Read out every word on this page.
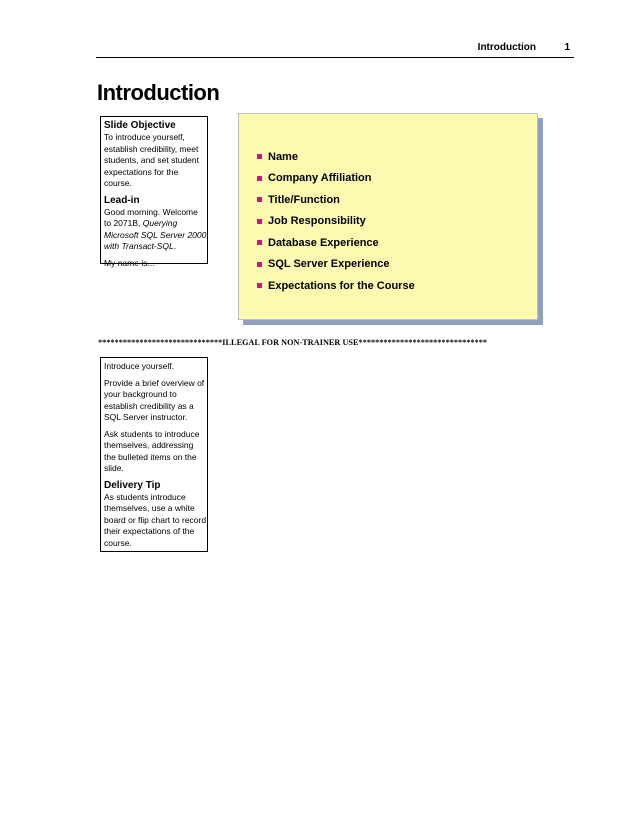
Introduction	1
Introduction

Slide Objective

To introduce yourself, establish credibility, meet students, and set student expectations for the course.

Lead-in

Good morning. Welcome to 2071B, Querying Microsoft SQL Server 2000 with Transact-SQL.

My name is...

Name
Company Affiliation
Title/Function
Job Responsibility
Database Experience
SQL Server Experience
Expectations for the Course
******************************ILLEGAL FOR NON-TRAINER USE*******************************

Introduce yourself.

Provide a brief overview of your background to establish credibility as a SQL Server instructor.

Ask students to introduce themselves, addressing the bulleted items on the slide.

Delivery Tip

As students introduce themselves, use a white board or flip chart to record their expectations of the course.
